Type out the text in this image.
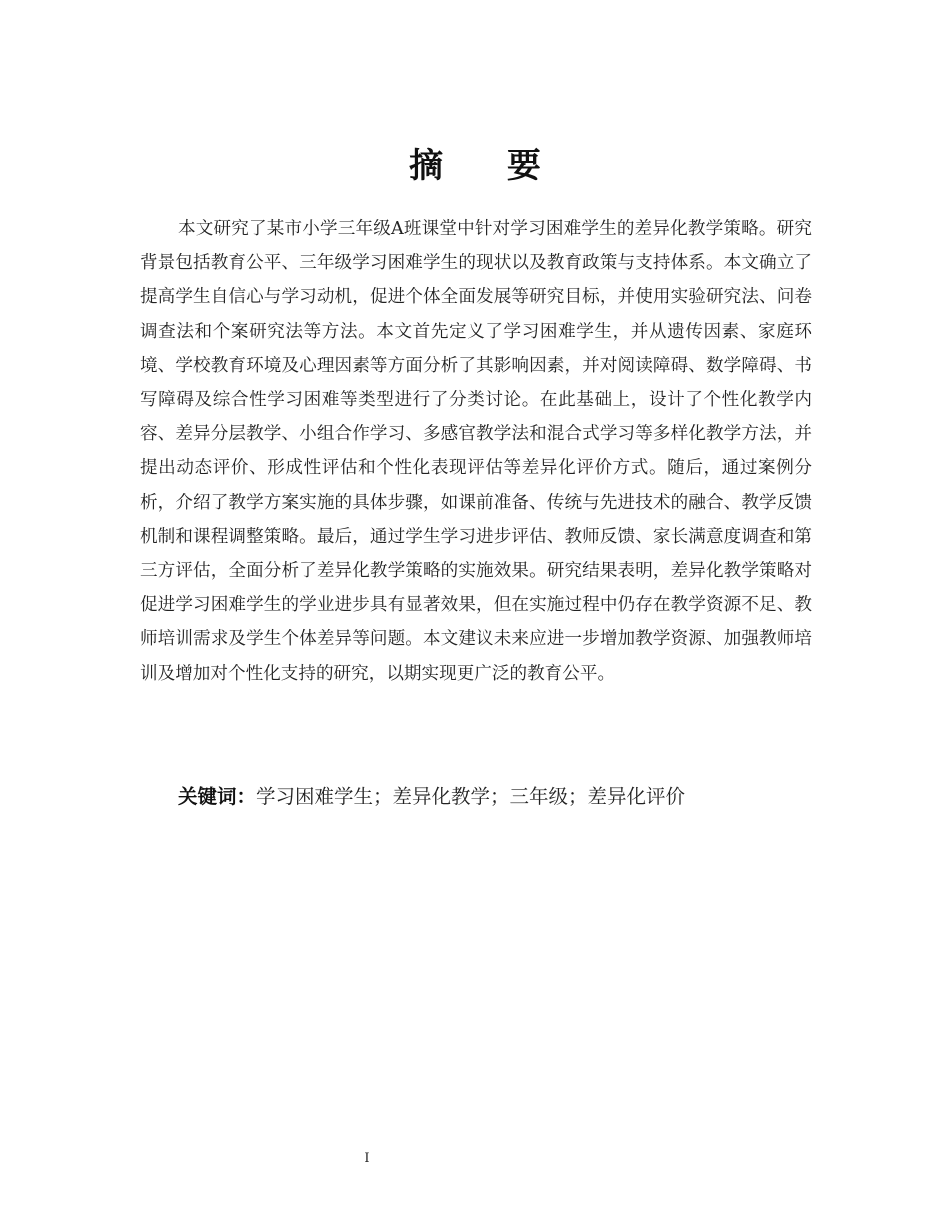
摘 要

本文研究了某市小学三年级A班课堂中针对学习困难学生的差异化教学策略。研究背景包括教育公平、三年级学习困难学生的现状以及教育政策与支持体系。本文确立了提高学生自信心与学习动机，促进个体全面发展等研究目标，并使用实验研究法、问卷调查法和个案研究法等方法。本文首先定义了学习困难学生，并从遗传因素、家庭环境、学校教育环境及心理因素等方面分析了其影响因素，并对阅读障碍、数学障碍、书写障碍及综合性学习困难等类型进行了分类讨论。在此基础上，设计了个性化教学内容、差异分层教学、小组合作学习、多感官教学法和混合式学习等多样化教学方法，并提出动态评价、形成性评估和个性化表现评估等差异化评价方式。随后，通过案例分析，介绍了教学方案实施的具体步骤，如课前准备、传统与先进技术的融合、教学反馈机制和课程调整策略。最后，通过学生学习进步评估、教师反馈、家长满意度调查和第三方评估，全面分析了差异化教学策略的实施效果。研究结果表明，差异化教学策略对促进学习困难学生的学业进步具有显著效果，但在实施过程中仍存在教学资源不足、教师培训需求及学生个体差异等问题。本文建议未来应进一步增加教学资源、加强教师培训及增加对个性化支持的研究，以期实现更广泛的教育公平。

关键词：学习困难学生；差异化教学；三年级；差异化评价
I
